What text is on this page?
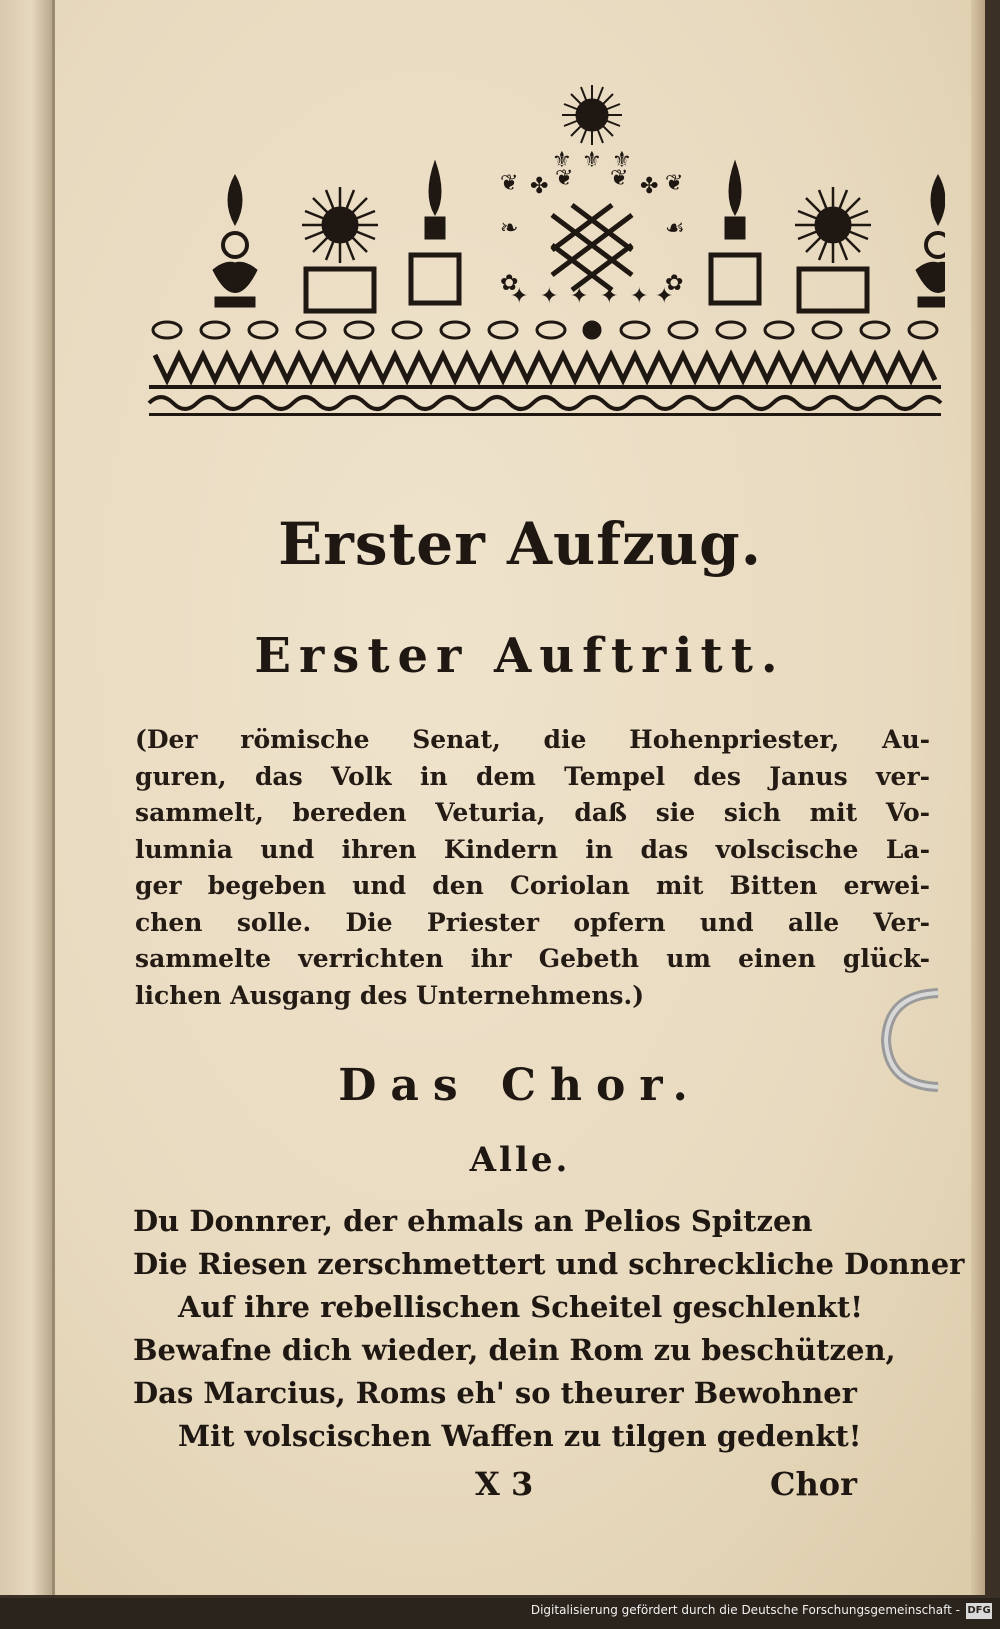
⚜ ⚜ ⚜
❦ ✤ ❦ ❦ ✤ ❦
❧	☙
✿	✿
✦ ✦ ✦ ✦ ✦ ✦
Erster Aufzug.
Erster Auftritt.
(Der römische Senat, die Hohenpriester, Au-
guren, das Volk in dem Tempel des Janus ver-
sammelt, bereden Veturia, daß sie sich mit Vo-
lumnia und ihren Kindern in das volscische La-
ger begeben und den Coriolan mit Bitten erwei-
chen solle. Die Priester opfern und alle Ver-
sammelte verrichten ihr Gebeth um einen glück-
lichen Ausgang des Unternehmens.)
Das Chor.
Alle.
Du Donnrer, der ehmals an Pelios Spitzen
Die Riesen zerschmettert und schreckliche Donner
Auf ihre rebellischen Scheitel geschlenkt!
Bewafne dich wieder, dein Rom zu beschützen,
Das Marcius, Roms eh' so theurer Bewohner
Mit volscischen Waffen zu tilgen gedenkt!
X 3	Chor
Digitalisierung gefördert durch die Deutsche Forschungsgemeinschaft - DFG
